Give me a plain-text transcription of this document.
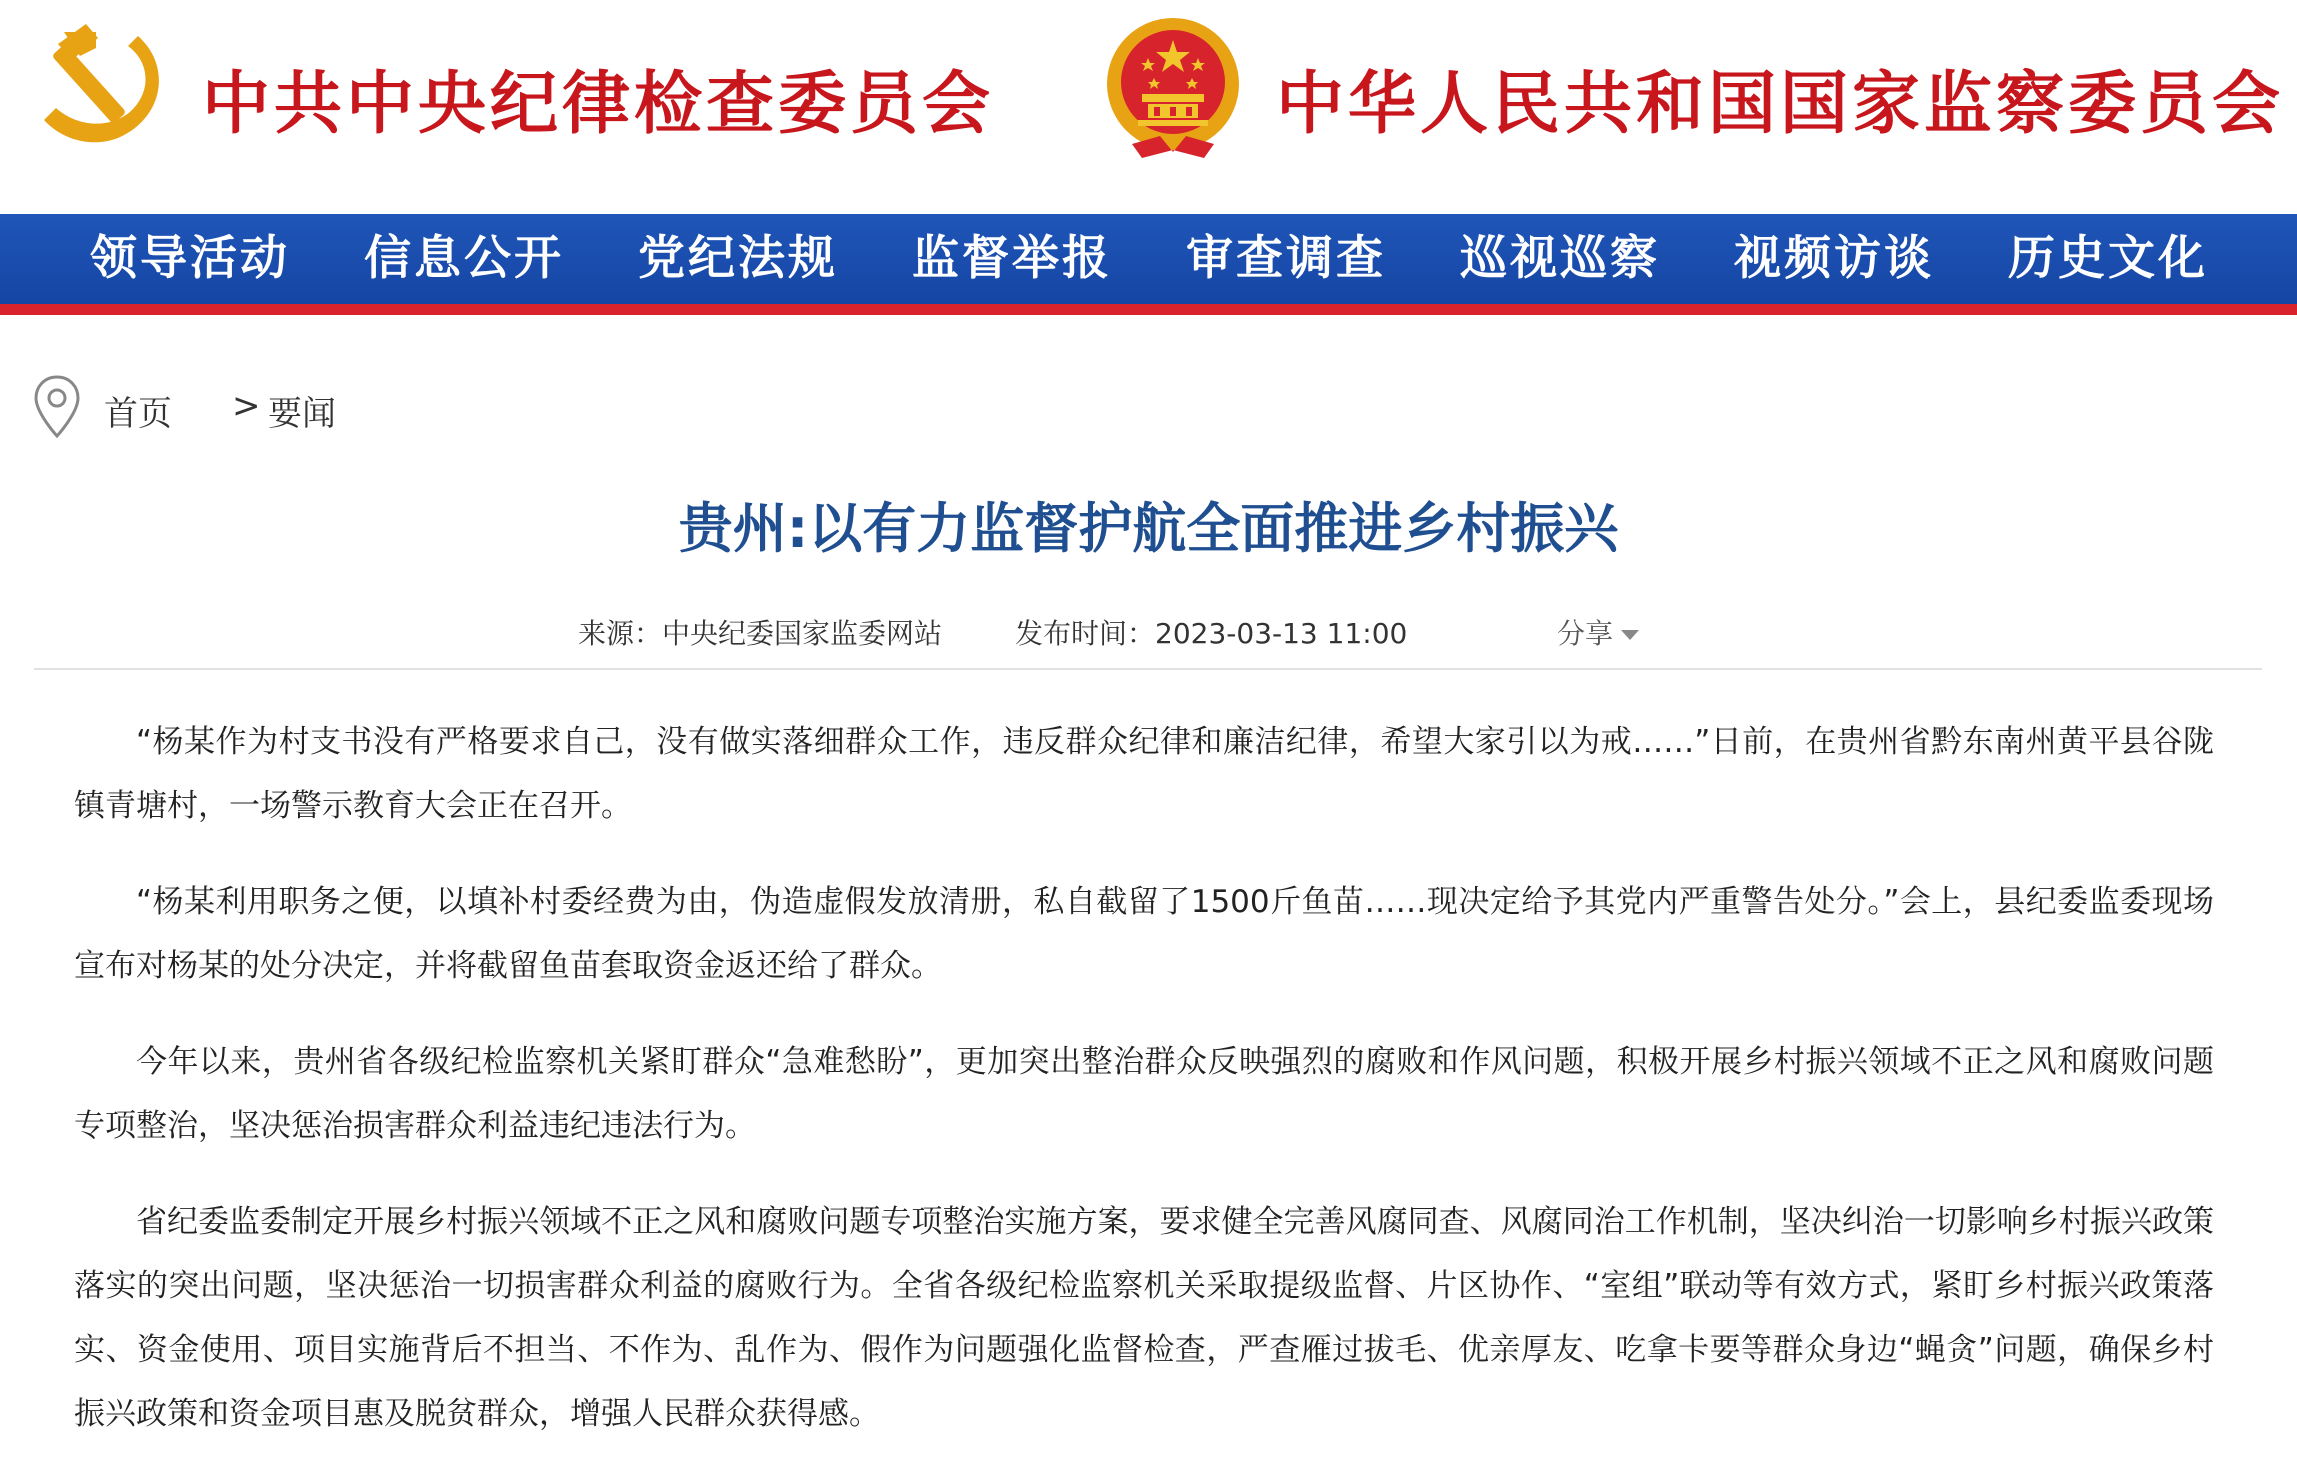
中共中央纪律检查委员会	中华人民共和国国家监察委员会
领导活动	信息公开	党纪法规	监督举报	审查调查	巡视巡察	视频访谈	历史文化
首页 > 要闻
贵州:以有力监督护航全面推进乡村振兴
来源：中央纪委国家监委网站	发布时间：2023-03-13 11:00	分享

“杨某作为村支书没有严格要求自己，没有做实落细群众工作，违反群众纪律和廉洁纪律，希望大家引以为戒……”日前，在贵州省黔东南州黄平县谷陇镇青塘村，一场警示教育大会正在召开。

“杨某利用职务之便，以填补村委经费为由，伪造虚假发放清册，私自截留了1500斤鱼苗……现决定给予其党内严重警告处分。”会上，县纪委监委现场宣布对杨某的处分决定，并将截留鱼苗套取资金返还给了群众。

今年以来，贵州省各级纪检监察机关紧盯群众“急难愁盼”，更加突出整治群众反映强烈的腐败和作风问题，积极开展乡村振兴领域不正之风和腐败问题专项整治，坚决惩治损害群众利益违纪违法行为。

省纪委监委制定开展乡村振兴领域不正之风和腐败问题专项整治实施方案，要求健全完善风腐同查、风腐同治工作机制，坚决纠治一切影响乡村振兴政策落实的突出问题，坚决惩治一切损害群众利益的腐败行为。全省各级纪检监察机关采取提级监督、片区协作、“室组”联动等有效方式，紧盯乡村振兴政策落实、资金使用、项目实施背后不担当、不作为、乱作为、假作为问题强化监督检查，严查雁过拔毛、优亲厚友、吃拿卡要等群众身边“蝇贪”问题，确保乡村振兴政策和资金项目惠及脱贫群众，增强人民群众获得感。
